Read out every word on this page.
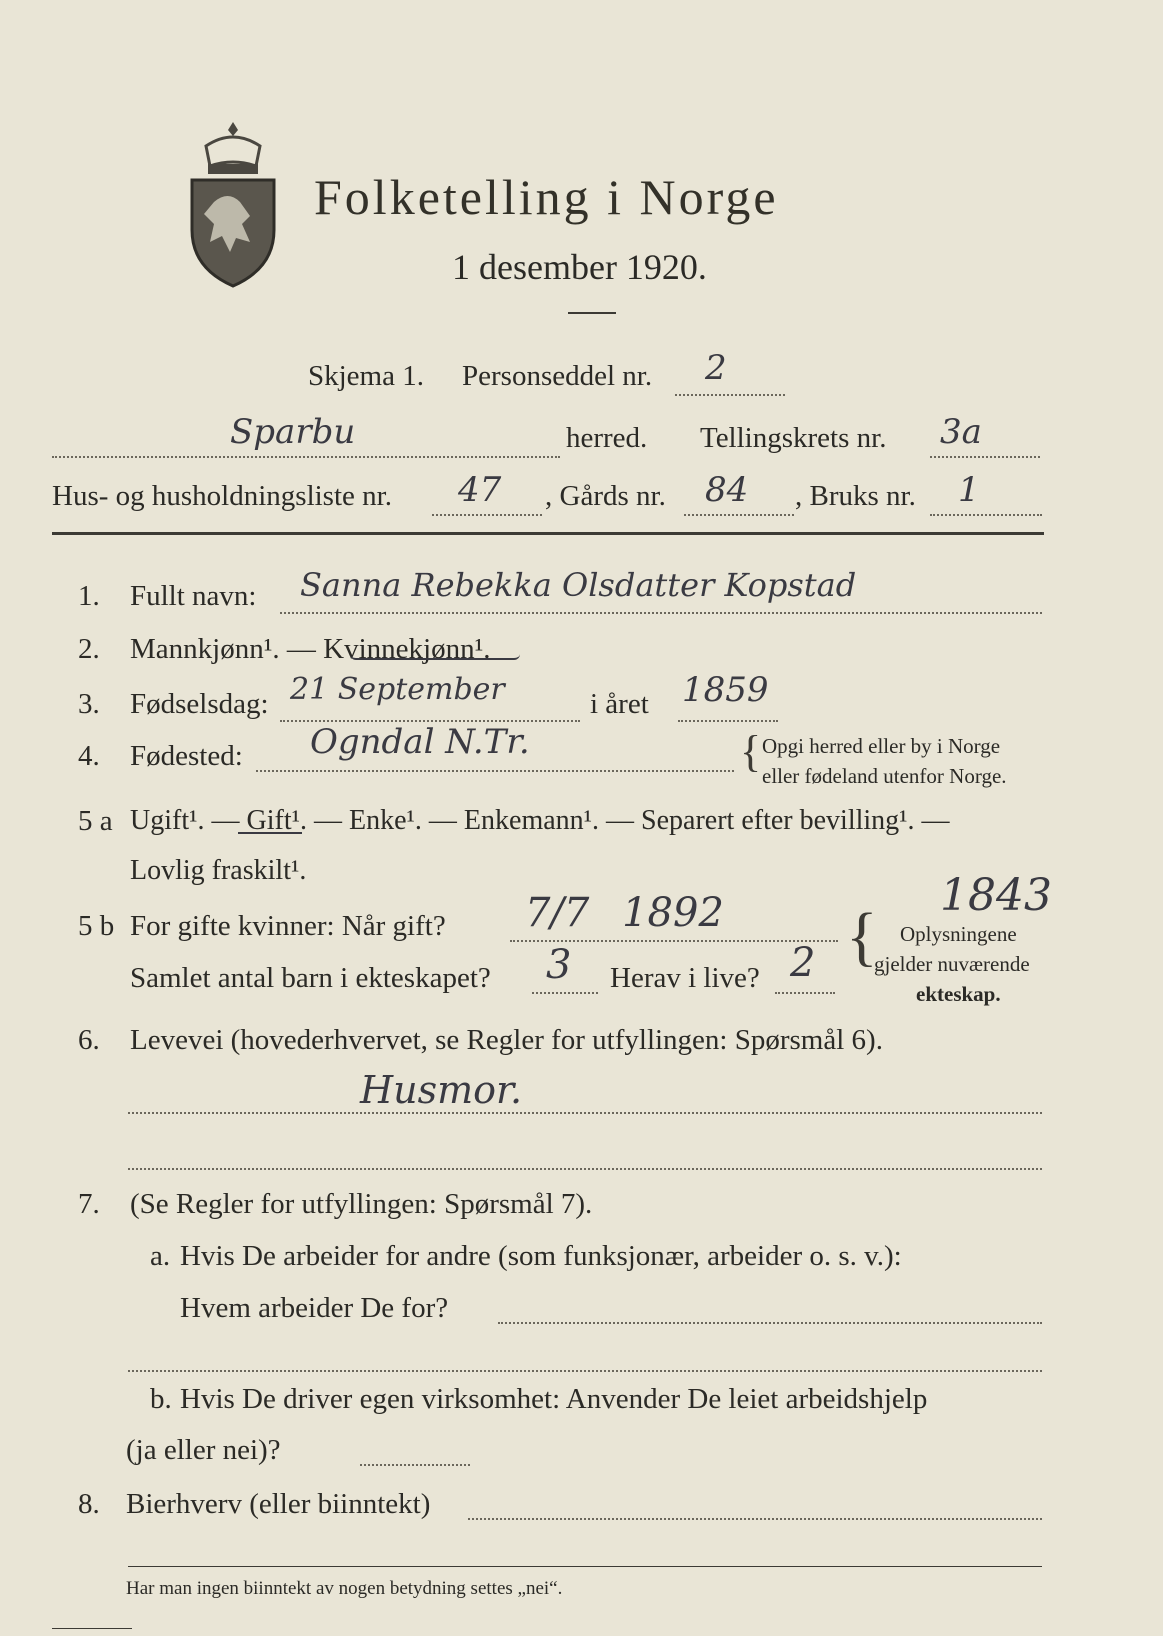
Folketelling i Norge
1 desember 1920.
Skjema 1. Personseddel nr. 2
Sparbu	herred. Tellingskrets nr. 3a
Hus- og husholdningsliste nr. 47 , Gårds nr. 84 , Bruks nr. 1
1. Fullt navn: Sanna Rebekka Olsdatter Kopstad
2. Mannkjønn¹. — Kvinnekjønn¹.
3. Fødselsdag: 21 September	i året 1859
4. Fødested: Ogndal N.Tr.	{ Opgi herred eller by i Norge
eller fødeland utenfor Norge.
5 a Ugift¹. — Gift¹. — Enke¹. — Enkemann¹. — Separert efter bevilling¹. —
Lovlig fraskilt¹.	1843
5 b For gifte kvinner: Når gift? 7/7 1892 { Oplysningene
gjelder nuværende
ekteskap.
Samlet antal barn i ekteskapet? 3 Herav i live? 2
6. Levevei (hovederhvervet, se Regler for utfyllingen: Spørsmål 6).
Husmor.
7. (Se Regler for utfyllingen: Spørsmål 7).
a. Hvis De arbeider for andre (som funksjonær, arbeider o. s. v.):
Hvem arbeider De for?
b. Hvis De driver egen virksomhet: Anvender De leiet arbeidshjelp
(ja eller nei)?
8. Bierhverv (eller biinntekt)
Har man ingen biinntekt av nogen betydning settes „nei“.
